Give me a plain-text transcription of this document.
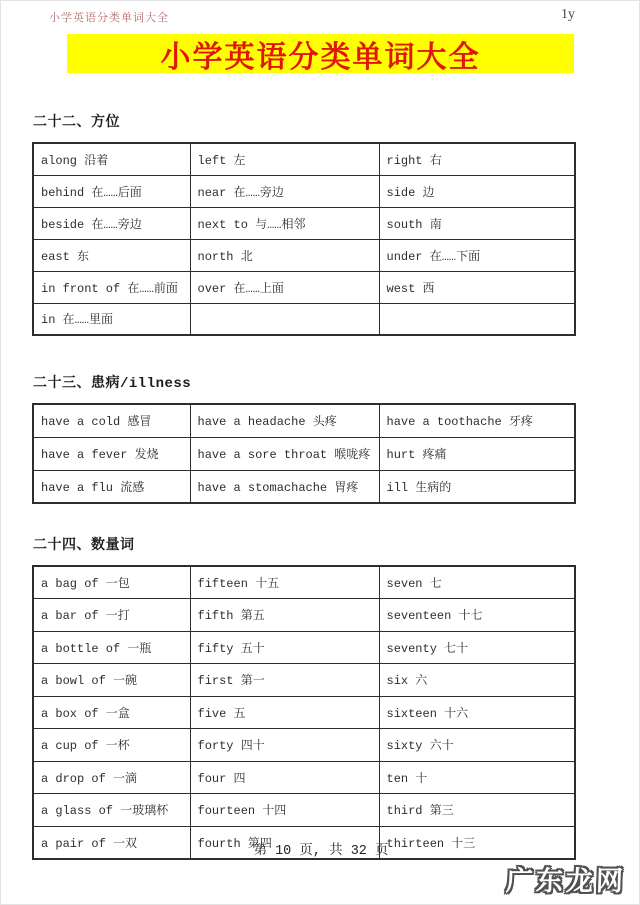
小学英语分类单词大全	1y
小学英语分类单词大全
二十二、方位
along 沿着	left 左	right 右
behind 在……后面	near 在……旁边	side 边
beside 在……旁边	next to 与……相邻	south 南
east 东	north 北	under 在……下面
in front of 在……前面	over 在……上面	west 西
in 在……里面		
二十三、患病/illness
have a cold 感冒	have a headache 头疼	have a toothache 牙疼
have a fever 发烧	have a sore throat 喉咙疼	hurt 疼痛
have a flu 流感	have a stomachache 胃疼	ill 生病的
二十四、数量词
a bag of 一包	fifteen 十五	seven 七
a bar of 一打	fifth 第五	seventeen 十七
a bottle of 一瓶	fifty 五十	seventy 七十
a bowl of 一碗	first 第一	six 六
a box of 一盒	five 五	sixteen 十六
a cup of 一杯	forty 四十	sixty 六十
a drop of 一滴	four 四	ten 十
a glass of 一玻璃杯	fourteen 十四	third 第三
a pair of 一双	fourth 第四	thirteen 十三
第 10 页, 共 32 页
广东龙网
